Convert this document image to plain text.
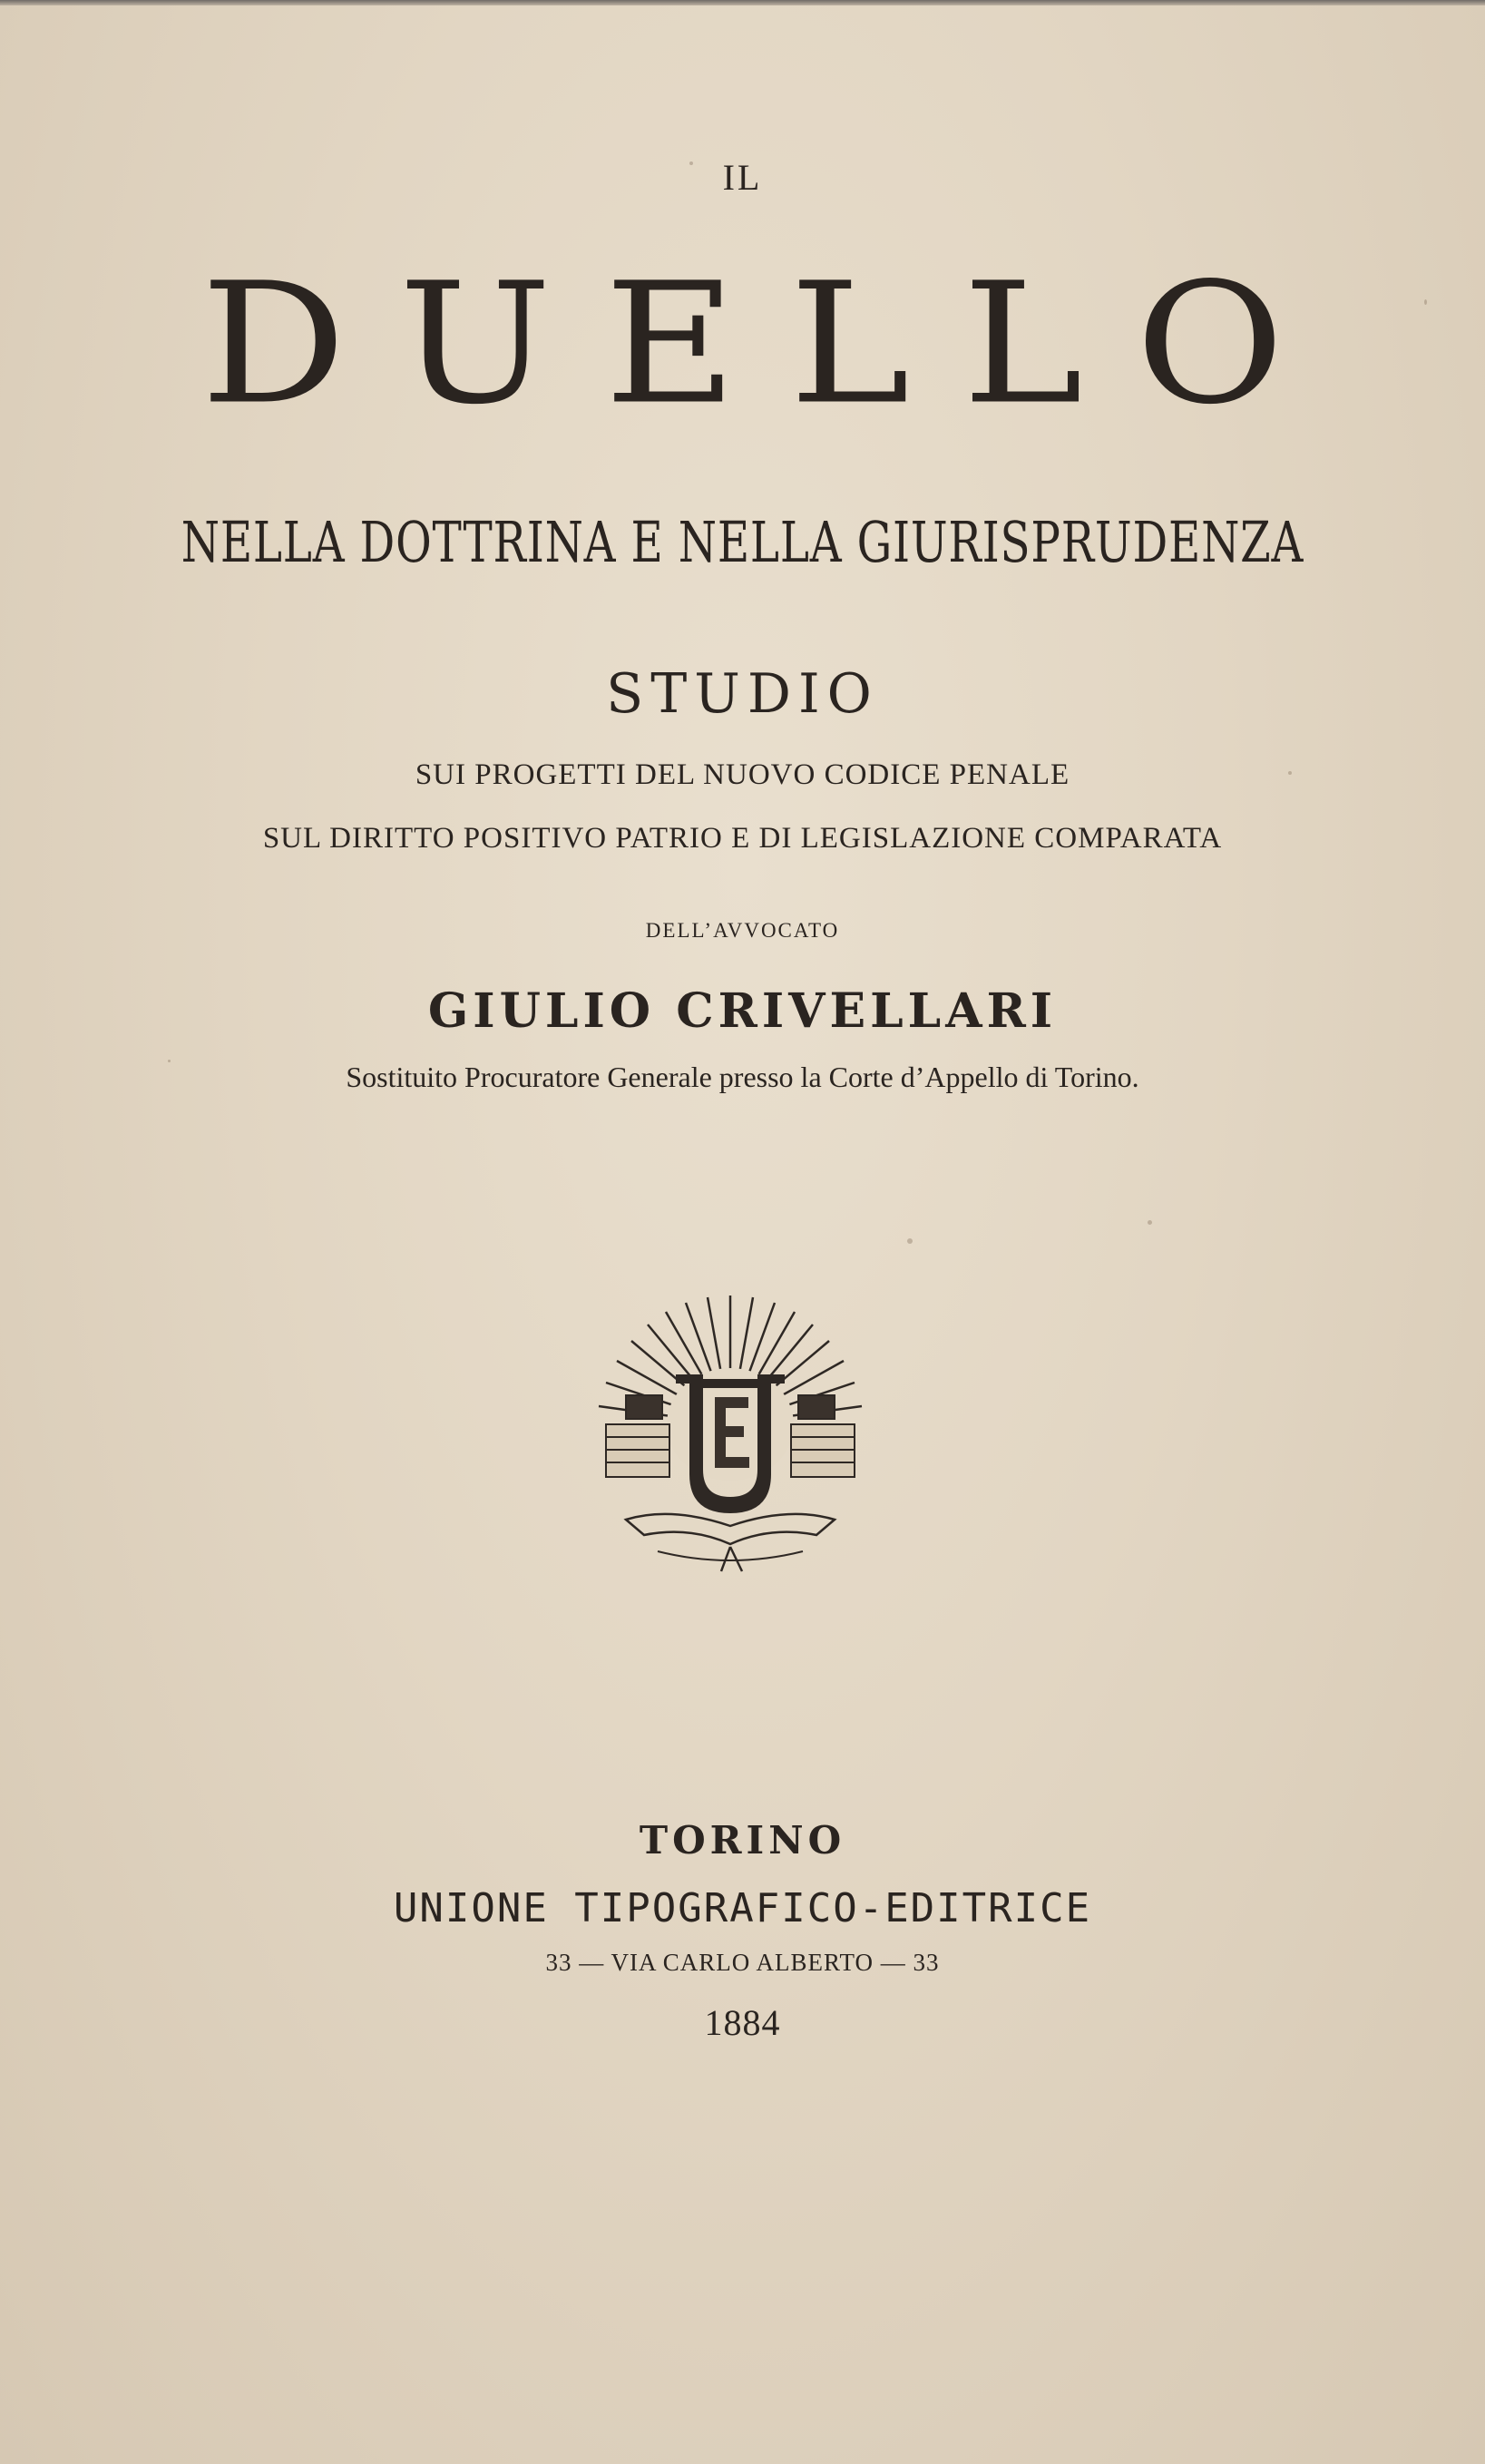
IL

DUELLO

NELLA DOTTRINA E NELLA GIURISPRUDENZA

STUDIO

SUI PROGETTI DEL NUOVO CODICE PENALE

SUL DIRITTO POSITIVO PATRIO E DI LEGISLAZIONE COMPARATA

DELL’AVVOCATO

GIULIO CRIVELLARI

Sostituito Procuratore Generale presso la Corte d’Appello di Torino.

TORINO

UNIONE TIPOGRAFICO-EDITRICE

33 — VIA CARLO ALBERTO — 33

1884
